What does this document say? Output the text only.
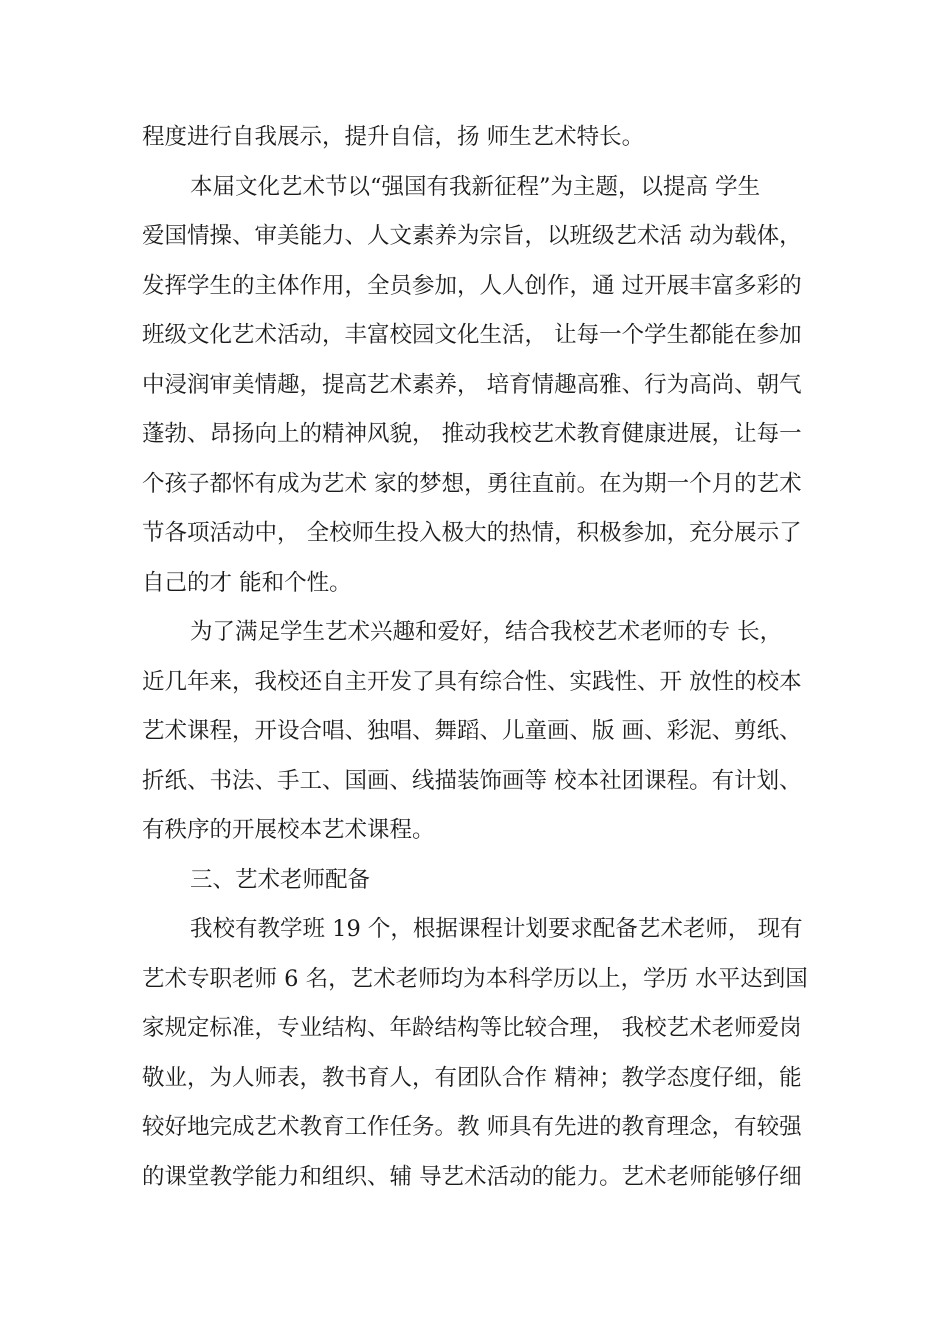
程度进行自我展示，提升自信，扬 师生艺术特长。
本届文化艺术节以“强国有我新征程”为主题，以提高 学生
爱国情操、审美能力、人文素养为宗旨，以班级艺术活 动为载体，
发挥学生的主体作用，全员参加，人人创作，通 过开展丰富多彩的
班级文化艺术活动，丰富校园文化生活， 让每一个学生都能在参加
中浸润审美情趣，提高艺术素养， 培育情趣高雅、行为高尚、朝气
蓬勃、昂扬向上的精神风貌， 推动我校艺术教育健康进展，让每一
个孩子都怀有成为艺术 家的梦想，勇往直前。在为期一个月的艺术
节各项活动中， 全校师生投入极大的热情，积极参加，充分展示了
自己的才 能和个性。
为了满足学生艺术兴趣和爱好，结合我校艺术老师的专 长，
近几年来，我校还自主开发了具有综合性、实践性、开 放性的校本
艺术课程，开设合唱、独唱、舞蹈、儿童画、版 画、彩泥、剪纸、
折纸、书法、手工、国画、线描装饰画等 校本社团课程。有计划、
有秩序的开展校本艺术课程。
三、艺术老师配备
我校有教学班 19 个，根据课程计划要求配备艺术老师， 现有
艺术专职老师 6 名，艺术老师均为本科学历以上，学历 水平达到国
家规定标准，专业结构、年龄结构等比较合理， 我校艺术老师爱岗
敬业，为人师表，教书育人，有团队合作 精神；教学态度仔细，能
较好地完成艺术教育工作任务。教 师具有先进的教育理念，有较强
的课堂教学能力和组织、辅 导艺术活动的能力。艺术老师能够仔细
